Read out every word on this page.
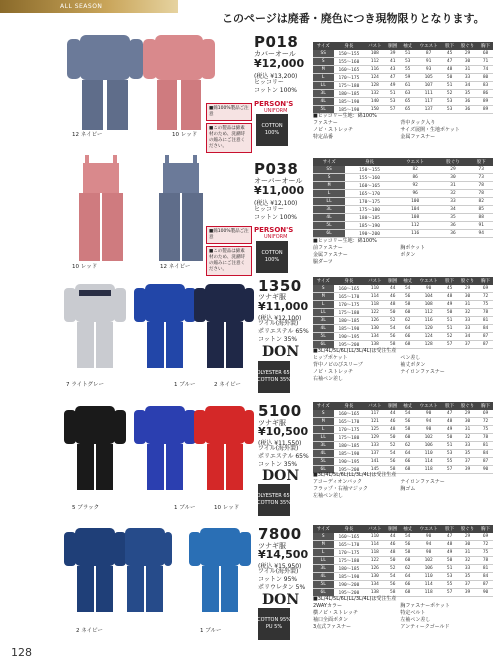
ALL SEASON
このページは廃番・廃色につき現物限りとなります。
12 ネイビー	10 レッド
P018
カバーオール
¥12,000
(税込 ¥13,200)
ヒッコリー
コットン 100%
PERSON'S
UNIFORM
COTTON 100%
■綿100%製品ご注意
■この製品は綿素材のため、洗濯時の縮みにご注意ください。
サイズ	身長	バスト	胴囲	袖丈	ウエスト	股下	股ぐり	胸下
SS	150〜155	108	39	51	87	45	29	68
S	155〜160	112	41	53	91	47	30	71
M	160〜165	116	43	55	93	48	31	74
L	170〜175	124	47	59	105	50	33	80
LL	175〜180	128	49	61	107	51	34	83
3L	180〜185	132	51	63	111	52	35	86
4L	185〜190	140	53	65	117	53	36	89
5L	185〜190	150	57	65	137	53	36	89
■ヒッコリー生地：綿100%ファスナー	背中タック入りノビ・ストレッチ	サイズ展開・生地ポケット特定品番	金属ファスナー
10 レッド	12 ネイビー
P038
オーバーオール
¥11,000
(税込 ¥12,100)
ヒッコリー
コットン 100%
PERSON'S
UNIFORM
COTTON 100%
■綿100%製品ご注意
■この製品は綿素材のため、洗濯時の縮みにご注意ください。
サイズ	身長	ウエスト	股ぐり	股下
SS	150〜155	82	29	73
S	155〜160	86	30	73
M	160〜165	92	31	78
L	165〜170	96	32	78
LL	170〜175	100	33	82
3L	175〜180	104	34	85
4L	180〜185	108	35	88
5L	185〜190	112	36	91
6L	190〜200	116	36	94
■ヒッコリー生地：綿100%前ファスナー	胸ポケット金属ファスナー	ボタン脇ダーツ
7 ライトグレー	1 ブルー	2 ネイビー
1350
ツナギ服
¥11,000
(税込 ¥12,100)
ツイル(海外製)
ポリエステル 65%
コットン 35%
DON
POLYESTER 65%
COTTON 35%
サイズ	身長	バスト	胴囲	袖丈	ウエスト	股下	股ぐり	胸下
S	160〜165	110	44	54	90	45	29	69
M	165〜170	114	46	56	104	48	30	72
L	170〜175	118	48	58	108	49	31	75
LL	175〜180	122	50	60	112	50	32	78
3L	180〜185	126	52	62	116	51	33	81
4L	185〜190	130	54	64	120	51	33	84
5L	190〜195	134	56	66	124	52	34	87
6L	195〜200	138	58	68	128	57	37	87
■3L/4L/5L/6L(LL/3L/4L)は受注生産ヒップポケット	ペン差し背中ノビのびスリーブ	袖丈ボタンノビ・ストレッチ	ナイロンファスナー右袖ペン差し
5 ブラック	1 ブルー	10 レッド
5100
ツナギ服
¥10,500
(税込 ¥11,550)
ツイル(海外製)
ポリエステル 65%
コットン 35%
DON
POLYESTER 65%
COTTON 35%
サイズ	身長	バスト	胴囲	袖丈	ウエスト	股下	股ぐり	胸下
S	160〜165	117	44	54	90	47	29	69
M	165〜170	121	46	56	94	48	30	72
L	170〜175	125	48	58	98	49	31	75
LL	175〜180	129	50	60	102	50	32	78
3L	180〜185	133	52	62	106	51	33	81
4L	185〜190	137	54	64	110	53	35	84
5L	190〜195	141	56	66	114	55	37	87
6L	195〜200	145	58	68	118	57	39	90
■3L/4L/5L/6L(LL/3L/4L)は受注生産アコーディオンバック	ナイロンファスナーフラップ・右袖マジック	胸ゴム左袖ペン差し
2 ネイビー	1 ブルー
7800
ツナギ服
¥14,500
(税込 ¥15,950)
ツイル(海外製)
コットン 95%
ポリウレタン 5%
DON
COTTON 95%
PU 5%
サイズ	身長	バスト	胴囲	袖丈	ウエスト	股下	股ぐり	胸下
S	160〜165	110	44	54	90	47	29	69
M	165〜170	114	46	56	94	48	30	72
L	170〜175	118	48	58	98	49	31	75
LL	175〜180	122	50	60	102	50	32	78
3L	180〜185	126	52	62	106	51	33	81
4L	185〜190	130	54	64	110	53	35	84
5L	190〜200	134	56	66	114	55	37	87
6L	195〜200	138	58	68	118	57	39	90
■3L/4L/5L/6L(LL/3L/4L)は受注生産2WAYカラー	胸ファスナーポケット横ノビ・ストレッチ	特定ベルト袖口全面ボタン	左袖ペン差し3点式ファスナー	アンティークゴールド
128
